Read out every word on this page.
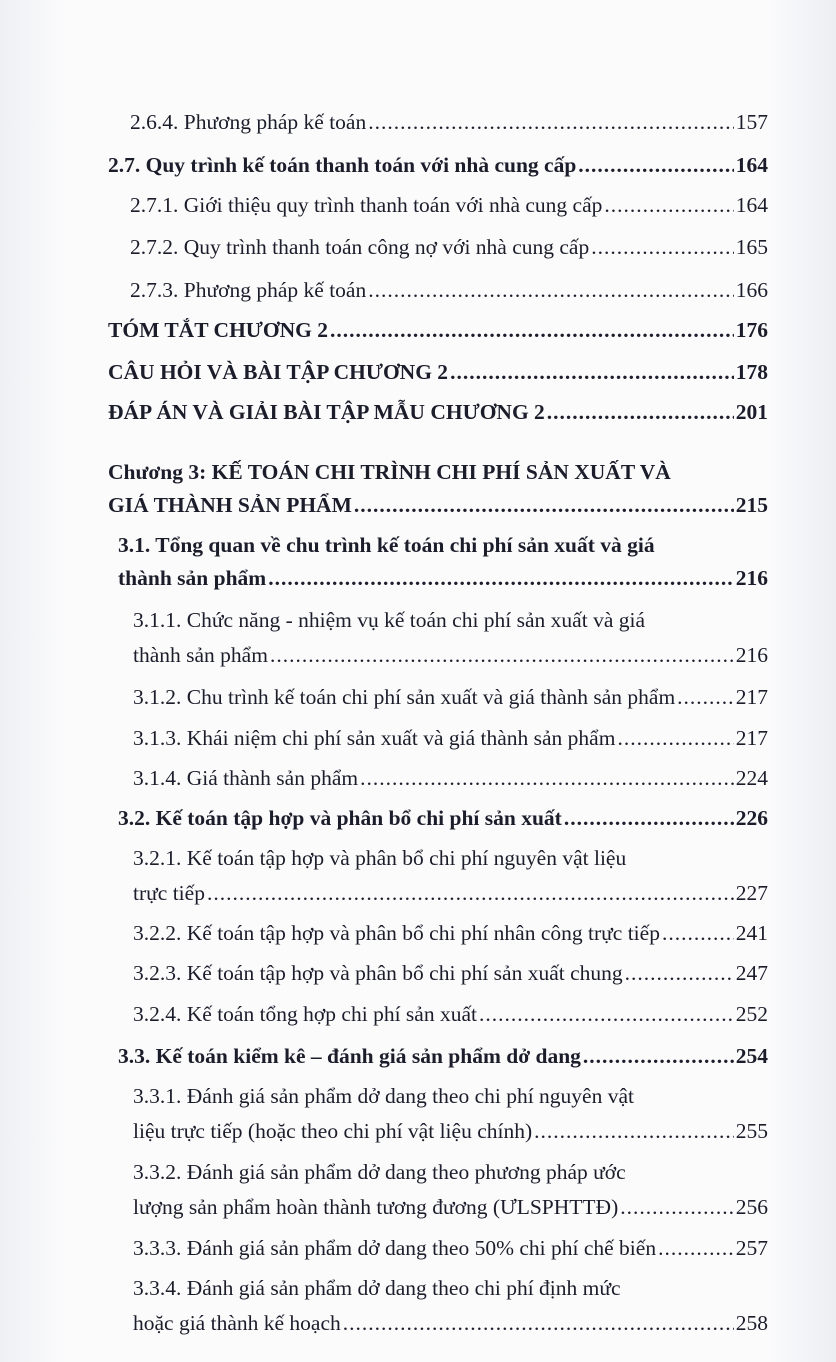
2.6.4. Phương pháp kế toán .....	157
2.7. Quy trình kế toán thanh toán với nhà cung cấp .....	164
2.7.1. Giới thiệu quy trình thanh toán với nhà cung cấp .....	164
2.7.2. Quy trình thanh toán công nợ với nhà cung cấp .....	165
2.7.3. Phương pháp kế toán .....	166
TÓM TẮT CHƯƠNG 2 .....	176
CÂU HỎI VÀ BÀI TẬP CHƯƠNG 2 .....	178
ĐÁP ÁN VÀ GIẢI BÀI TẬP MẪU CHƯƠNG 2 .....	201
Chương 3: KẾ TOÁN CHI TRÌNH CHI PHÍ SẢN XUẤT VÀ
GIÁ THÀNH SẢN PHẨM .....	215
3.1. Tổng quan về chu trình kế toán chi phí sản xuất và giá
thành sản phẩm .....	216
3.1.1. Chức năng - nhiệm vụ kế toán chi phí sản xuất và giá
thành sản phẩm .....	216
3.1.2. Chu trình kế toán chi phí sản xuất và giá thành sản phẩm .....	217
3.1.3. Khái niệm chi phí sản xuất và giá thành sản phẩm .....	217
3.1.4. Giá thành sản phẩm .....	224
3.2. Kế toán tập hợp và phân bổ chi phí sản xuất .....	226
3.2.1. Kế toán tập hợp và phân bổ chi phí nguyên vật liệu
trực tiếp .....	227
3.2.2. Kế toán tập hợp và phân bổ chi phí nhân công trực tiếp .....	241
3.2.3. Kế toán tập hợp và phân bổ chi phí sản xuất chung .....	247
3.2.4. Kế toán tổng hợp chi phí sản xuất .....	252
3.3. Kế toán kiểm kê – đánh giá sản phẩm dở dang .....	254
3.3.1. Đánh giá sản phẩm dở dang theo chi phí nguyên vật
liệu trực tiếp (hoặc theo chi phí vật liệu chính) .....	255
3.3.2. Đánh giá sản phẩm dở dang theo phương pháp ước
lượng sản phẩm hoàn thành tương đương (ƯLSPHTTĐ) .....	256
3.3.3. Đánh giá sản phẩm dở dang theo 50% chi phí chế biến .....	257
3.3.4. Đánh giá sản phẩm dở dang theo chi phí định mức
hoặc giá thành kế hoạch .....	258
